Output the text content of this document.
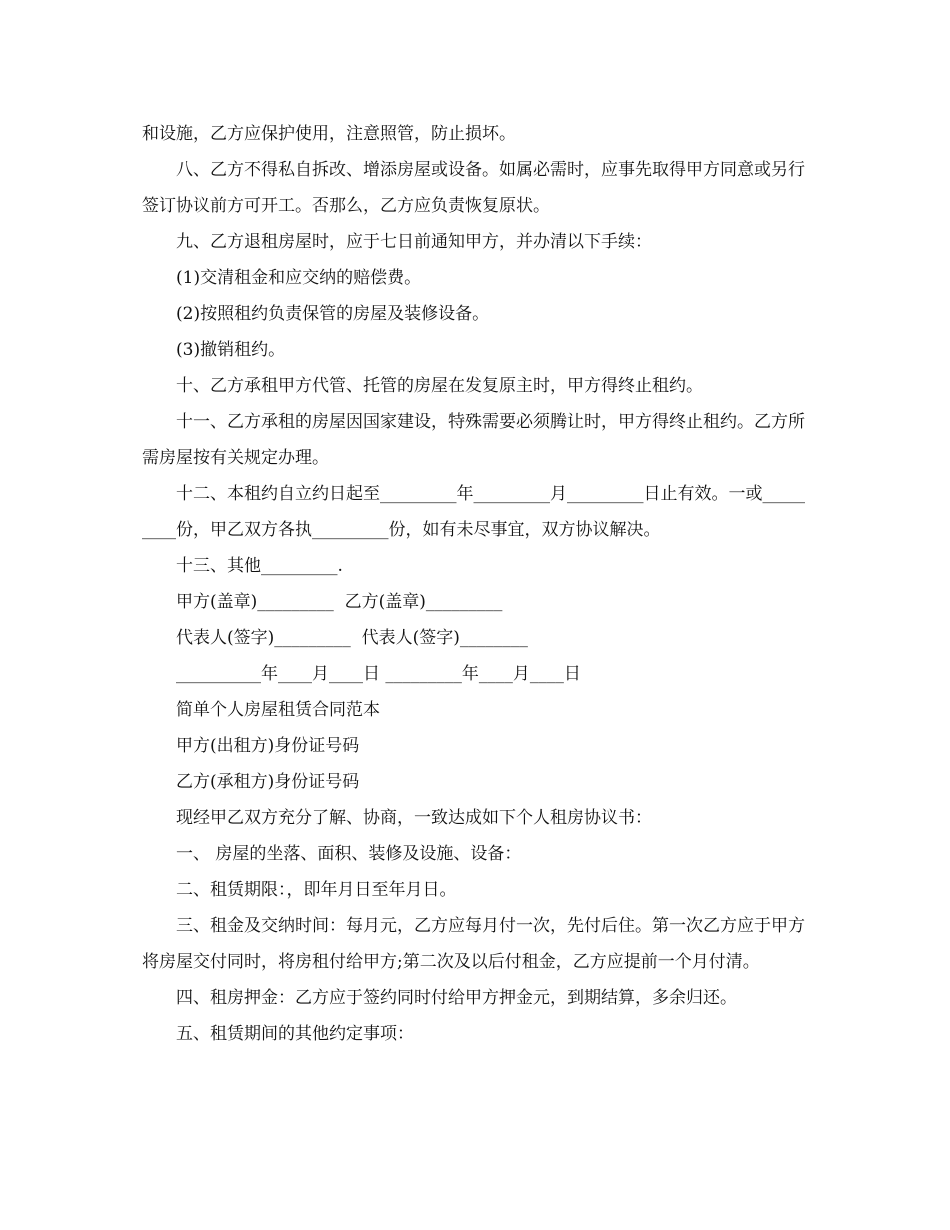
和设施，乙方应保护使用，注意照管，防止损坏。

八、乙方不得私自拆改、增添房屋或设备。如属必需时，应事先取得甲方同意或另行签订协议前方可开工。否那么，乙方应负责恢复原状。

九、乙方退租房屋时，应于七日前通知甲方，并办清以下手续：

(1)交清租金和应交纳的赔偿费。

(2)按照租约负责保管的房屋及装修设备。

(3)撤销租约。

十、乙方承租甲方代管、托管的房屋在发复原主时，甲方得终止租约。

十一、乙方承租的房屋因国家建设，特殊需要必须腾让时，甲方得终止租约。乙方所需房屋按有关规定办理。

十二、本租约自立约日起至_________年_________月_________日止有效。一或_________份，甲乙双方各执_________份，如有未尽事宜，双方协议解决。

十三、其他_________.

甲方(盖章)_________  乙方(盖章)_________

代表人(签字)_________  代表人(签字)________

__________年____月____日 _________年____月____日

简单个人房屋租赁合同范本

甲方(出租方)身份证号码

乙方(承租方)身份证号码

现经甲乙双方充分了解、协商，一致达成如下个人租房协议书：

一、 房屋的坐落、面积、装修及设施、设备：

二、租赁期限：，即年月日至年月日。

三、租金及交纳时间：每月元，乙方应每月付一次，先付后住。第一次乙方应于甲方将房屋交付同时，将房租付给甲方;第二次及以后付租金，乙方应提前一个月付清。

四、租房押金：乙方应于签约同时付给甲方押金元，到期结算，多余归还。

五、租赁期间的其他约定事项：
